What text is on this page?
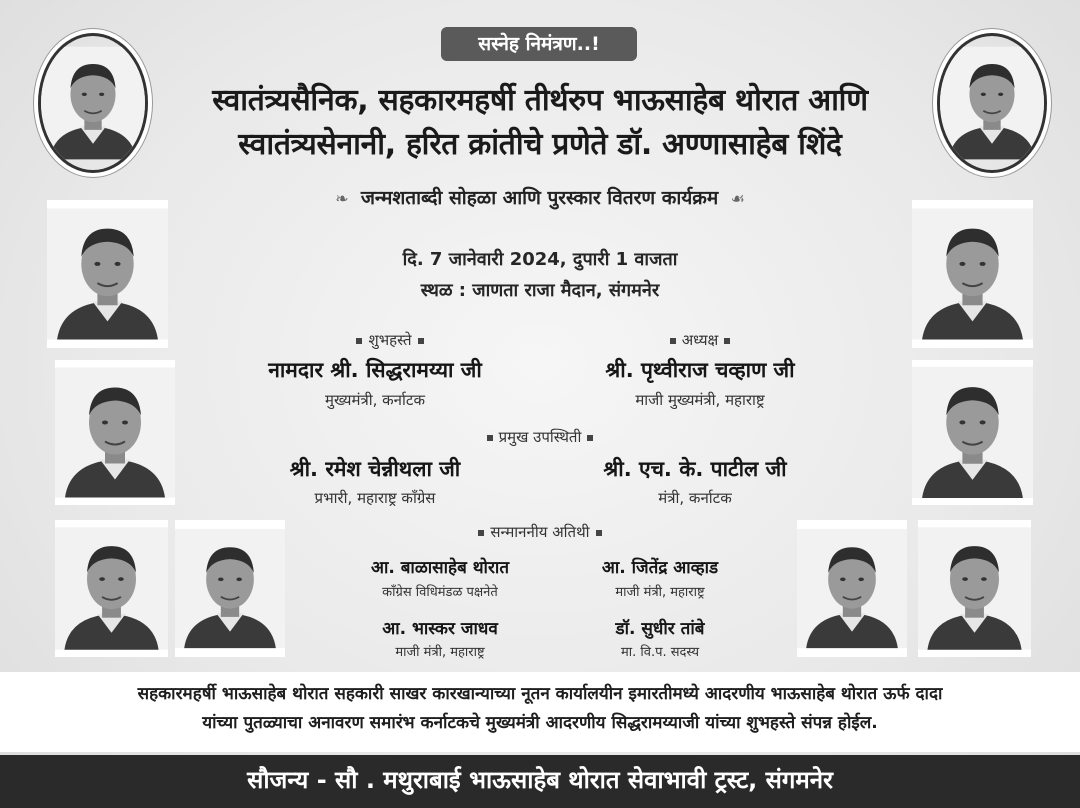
सस्नेह निमंत्रण..!
स्वातंत्र्यसैनिक, सहकारमहर्षी तीर्थरुप भाऊसाहेब थोरात आणि
स्वातंत्र्यसेनानी, हरित क्रांतीचे प्रणेते डॉ. अण्णासाहेब शिंदे
❧  जन्मशताब्दी सोहळा आणि पुरस्कार वितरण कार्यक्रम  ☙
दि. 7 जानेवारी 2024, दुपारी 1 वाजता
स्थळ : जाणता राजा मैदान, संगमनेर
शुभहस्ते
नामदार श्री. सिद्धरामय्या जी
मुख्यमंत्री, कर्नाटक
अध्यक्ष
श्री. पृथ्वीराज चव्हाण जी
माजी मुख्यमंत्री, महाराष्ट्र
प्रमुख उपस्थिती
श्री. रमेश चेन्नीथला जी
प्रभारी, महाराष्ट्र कॉंग्रेस
श्री. एच. के. पाटील जी
मंत्री, कर्नाटक
सन्माननीय अतिथी
आ. बाळासाहेब थोरात
कॉंग्रेस विधिमंडळ पक्षनेते
आ. जितेंद्र आव्हाड
माजी मंत्री, महाराष्ट्र
आ. भास्कर जाधव
माजी मंत्री, महाराष्ट्र
डॉ. सुधीर तांबे
मा. वि.प. सदस्य

सहकारमहर्षी भाऊसाहेब थोरात सहकारी साखर कारखान्याच्या नूतन कार्यालयीन इमारतीमध्ये आदरणीय भाऊसाहेब थोरात ऊर्फ दादा

यांच्या पुतळ्याचा अनावरण समारंभ कर्नाटकचे मुख्यमंत्री आदरणीय सिद्धरामय्याजी यांच्या शुभहस्ते संपन्न होईल.

सौजन्य - सौ . मथुराबाई भाऊसाहेब थोरात सेवाभावी ट्रस्ट, संगमनेर
